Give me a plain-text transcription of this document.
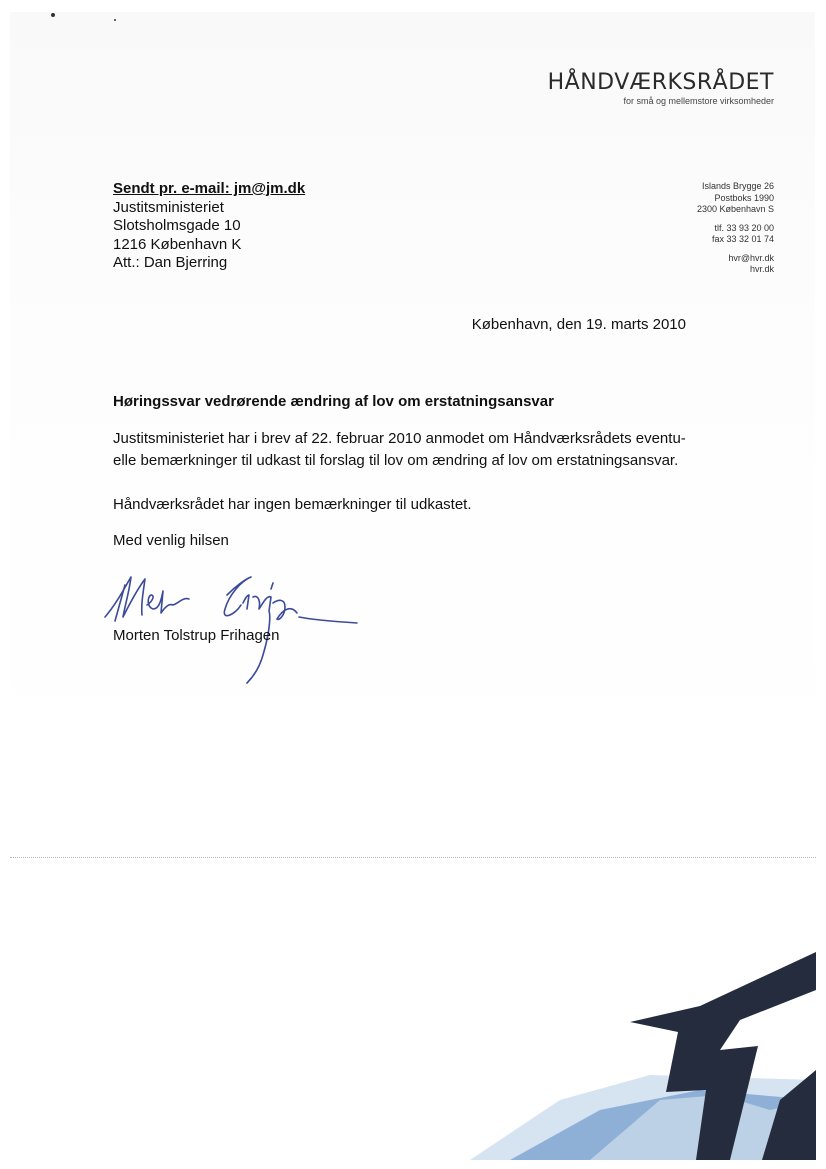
HÅNDVÆRKSRÅDET
for små og mellemstore virksomheder
Sendt pr. e-mail: jm@jm.dk
Justitsministeriet
Slotsholmsgade 10
1216 København K
Att.: Dan Bjerring
Islands Brygge 26
Postboks 1990
2300 København S
tlf. 33 93 20 00
fax 33 32 01 74
hvr@hvr.dk
hvr.dk
København, den 19. marts 2010
Høringssvar vedrørende ændring af lov om erstatningsansvar
Justitsministeriet har i brev af 22. februar 2010 anmodet om Håndværksrådets eventu-
elle bemærkninger til udkast til forslag til lov om ændring af lov om erstatningsansvar.
Håndværksrådet har ingen bemærkninger til udkastet.
Med venlig hilsen
Morten Tolstrup Frihagen
